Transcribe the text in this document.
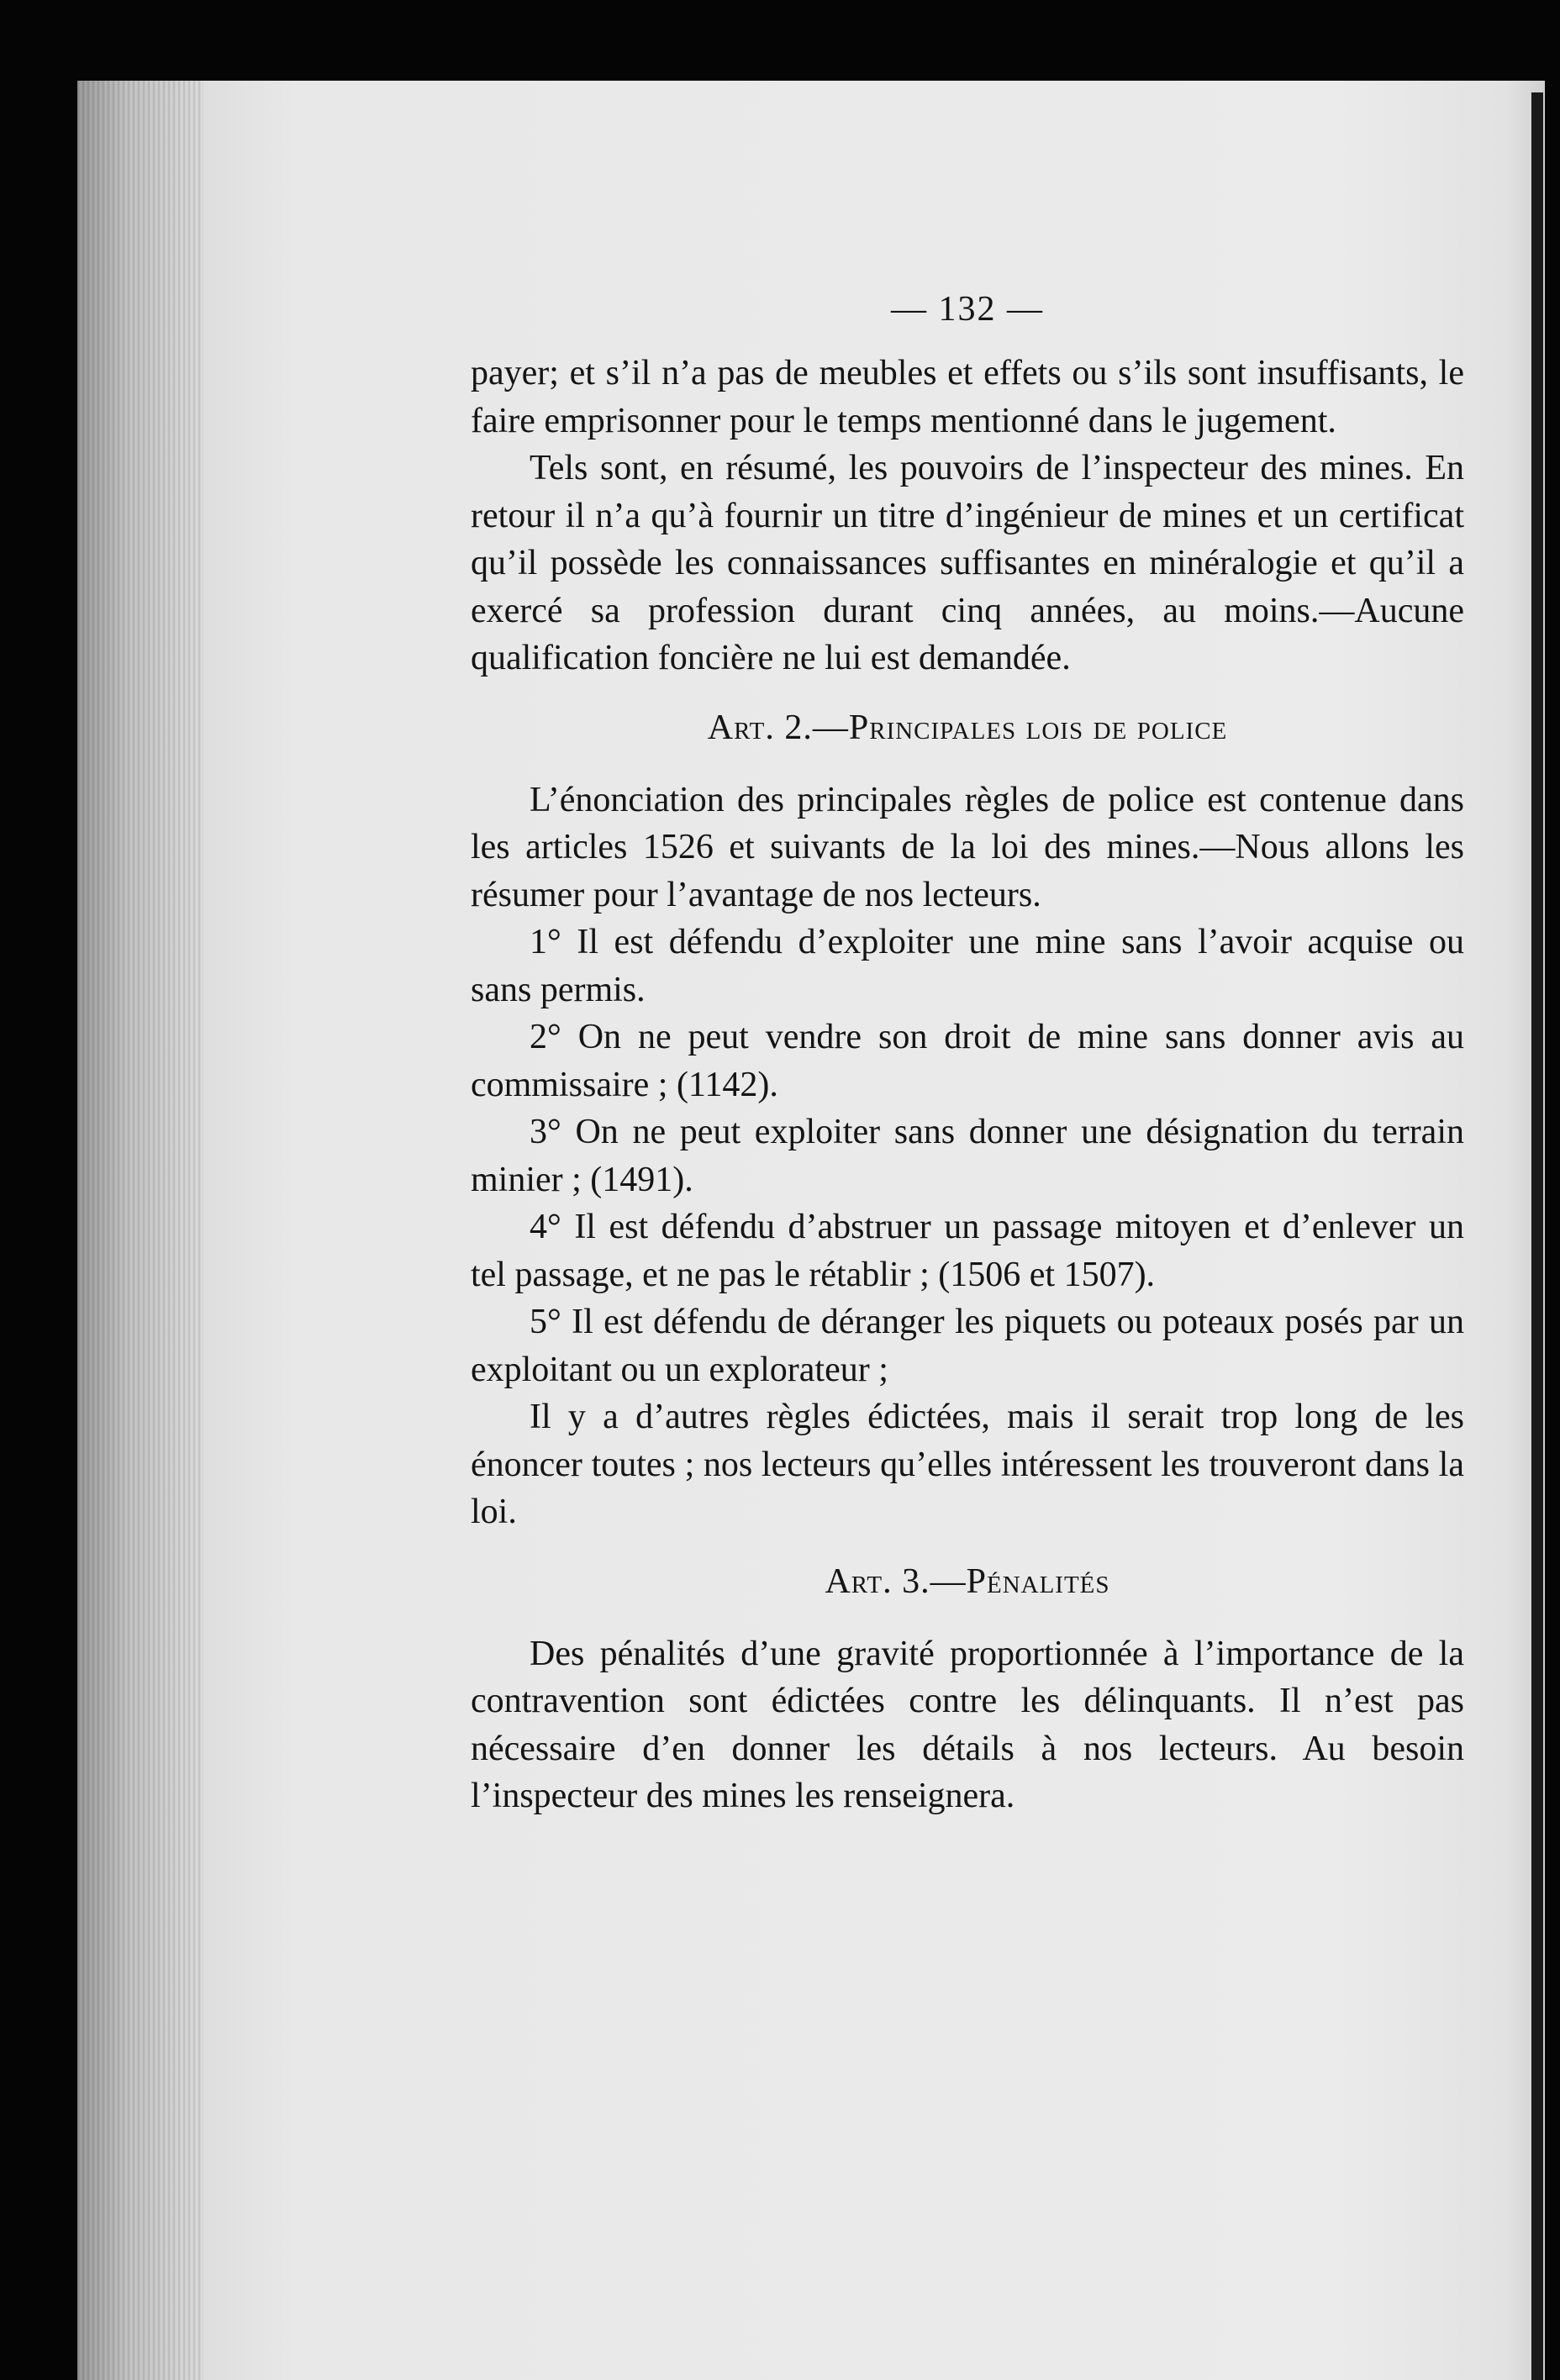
— 132 —

payer; et s’il n’a pas de meubles et effets ou s’ils sont insuffisants, le faire emprisonner pour le temps mentionné dans le jugement.

Tels sont, en résumé, les pouvoirs de l’inspecteur des mines. En retour il n’a qu’à fournir un titre d’ingénieur de mines et un certificat qu’il possède les connaissances suffisantes en minéralogie et qu’il a exercé sa profession durant cinq années, au moins.—Aucune qualification foncière ne lui est demandée.

Art. 2.—Principales lois de police

L’énonciation des principales règles de police est contenue dans les articles 1526 et suivants de la loi des mines.—Nous allons les résumer pour l’avantage de nos lecteurs.

1° Il est défendu d’exploiter une mine sans l’avoir acquise ou sans permis.

2° On ne peut vendre son droit de mine sans donner avis au commissaire ; (1142).

3° On ne peut exploiter sans donner une désignation du terrain minier ; (1491).

4° Il est défendu d’abstruer un passage mitoyen et d’enlever un tel passage, et ne pas le rétablir ; (1506 et 1507).

5° Il est défendu de déranger les piquets ou poteaux posés par un exploitant ou un explorateur ;

Il y a d’autres règles édictées, mais il serait trop long de les énoncer toutes ; nos lecteurs qu’elles intéressent les trouveront dans la loi.

Art. 3.—Pénalités

Des pénalités d’une gravité proportionnée à l’importance de la contravention sont édictées contre les délinquants. Il n’est pas nécessaire d’en donner les détails à nos lecteurs. Au besoin l’inspecteur des mines les renseignera.
